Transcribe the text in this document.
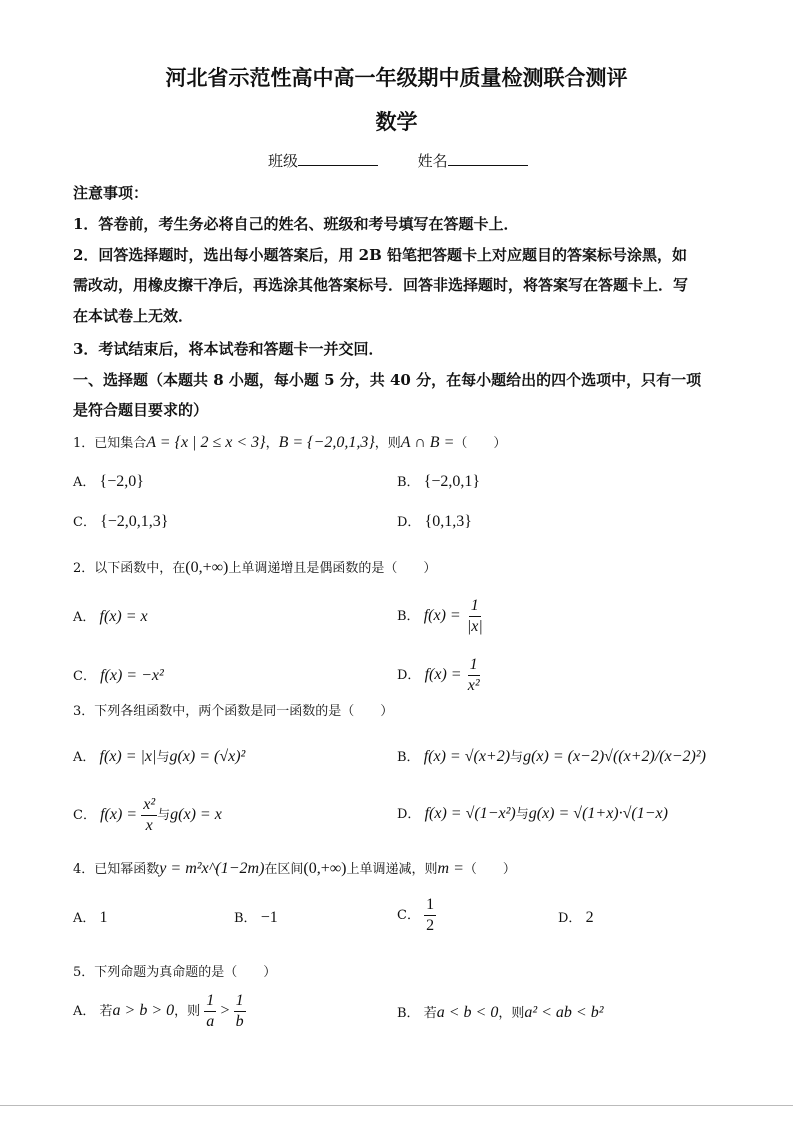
河北省示范性高中高一年级期中质量检测联合测评
数学
班级	姓名
注意事项：
1．答卷前，考生务必将自己的姓名、班级和考号填写在答题卡上．
2．回答选择题时，选出每小题答案后，用 2B 铅笔把答题卡上对应题目的答案标号涂黑，如
需改动，用橡皮擦干净后，再选涂其他答案标号．回答非选择题时，将答案写在答题卡上．写
在本试卷上无效．
3．考试结束后，将本试卷和答题卡一并交回．
一、选择题（本题共 8 小题，每小题 5 分，共 40 分，在每小题给出的四个选项中，只有一项
是符合题目要求的）
1．已知集合A = {x | 2 ≤ x < 3}，B = {−2,0,1,3}，则A ∩ B =（　　）
A． {−2,0}	B． {−2,0,1}
C． {−2,0,1,3}	D． {0,1,3}
2．以下函数中，在(0,+∞)上单调递增且是偶函数的是（　　）
A． f(x) = x	B． $f(x) = \frac{1}{|x|}$
C． f(x) = −x²	D． $f(x) = \frac{1}{\text{x²}}$
3．下列各组函数中，两个函数是同一函数的是（　　）
A． f(x) = |x|与g(x) = (√x)²	B． f(x) = √(x+2)与g(x) = (x−2)√((x+2)/(x−2)²)
C． $f(x) = \frac{\text{x²}}{x}$ 与g(x) = x	D． f(x) = √(1−x²)与g(x) = √(1+x)·√(1−x)
4．已知幂函数y = m²x^(1−2m)在区间(0,+∞)上单调递减，则m =（　　）
A． 1	B． −1	C． $\frac{1}{2}$	D． 2
5．下列命题为真命题的是（　　）
A． 若a > b > 0，则 $\frac{1}{a} > \frac{1}{b}$	B． 若a < b < 0，则a² < ab < b²
